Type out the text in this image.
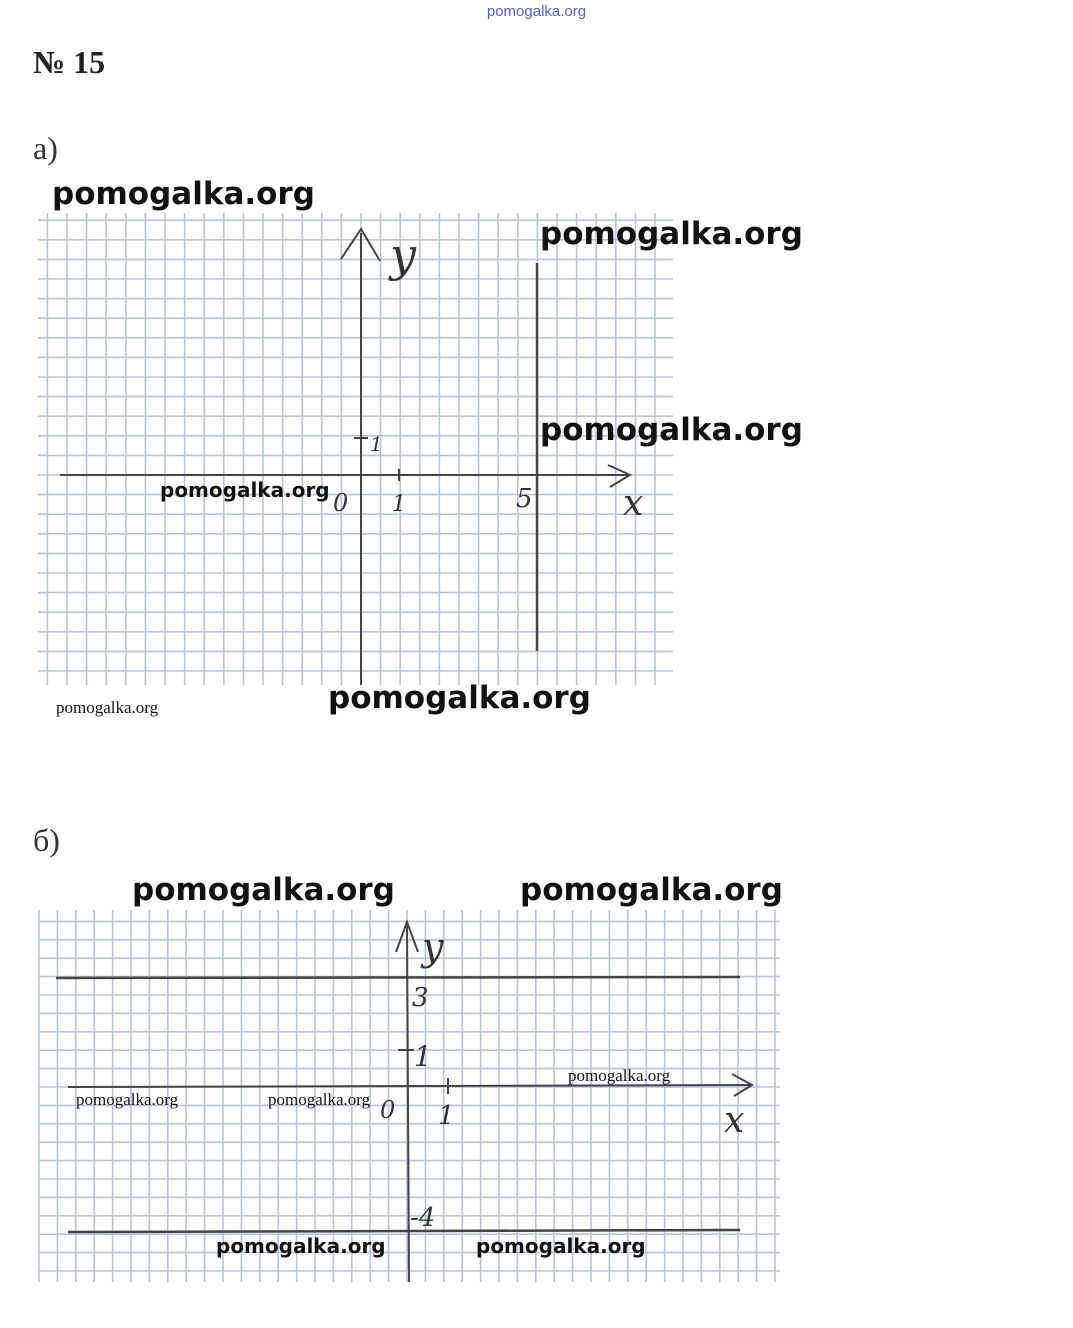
pomogalka.org
№ 15
а)
y
x
0 1
1
5
pomogalka.org
pomogalka.org
pomogalka.org
pomogalka.org
pomogalka.org	pomogalka.org
б)
y
x
0 1
1
3
-4
pomogalka.org	pomogalka.org
pomogalka.org	pomogalka.org
pomogalka.org
pomogalka.org	pomogalka.org
